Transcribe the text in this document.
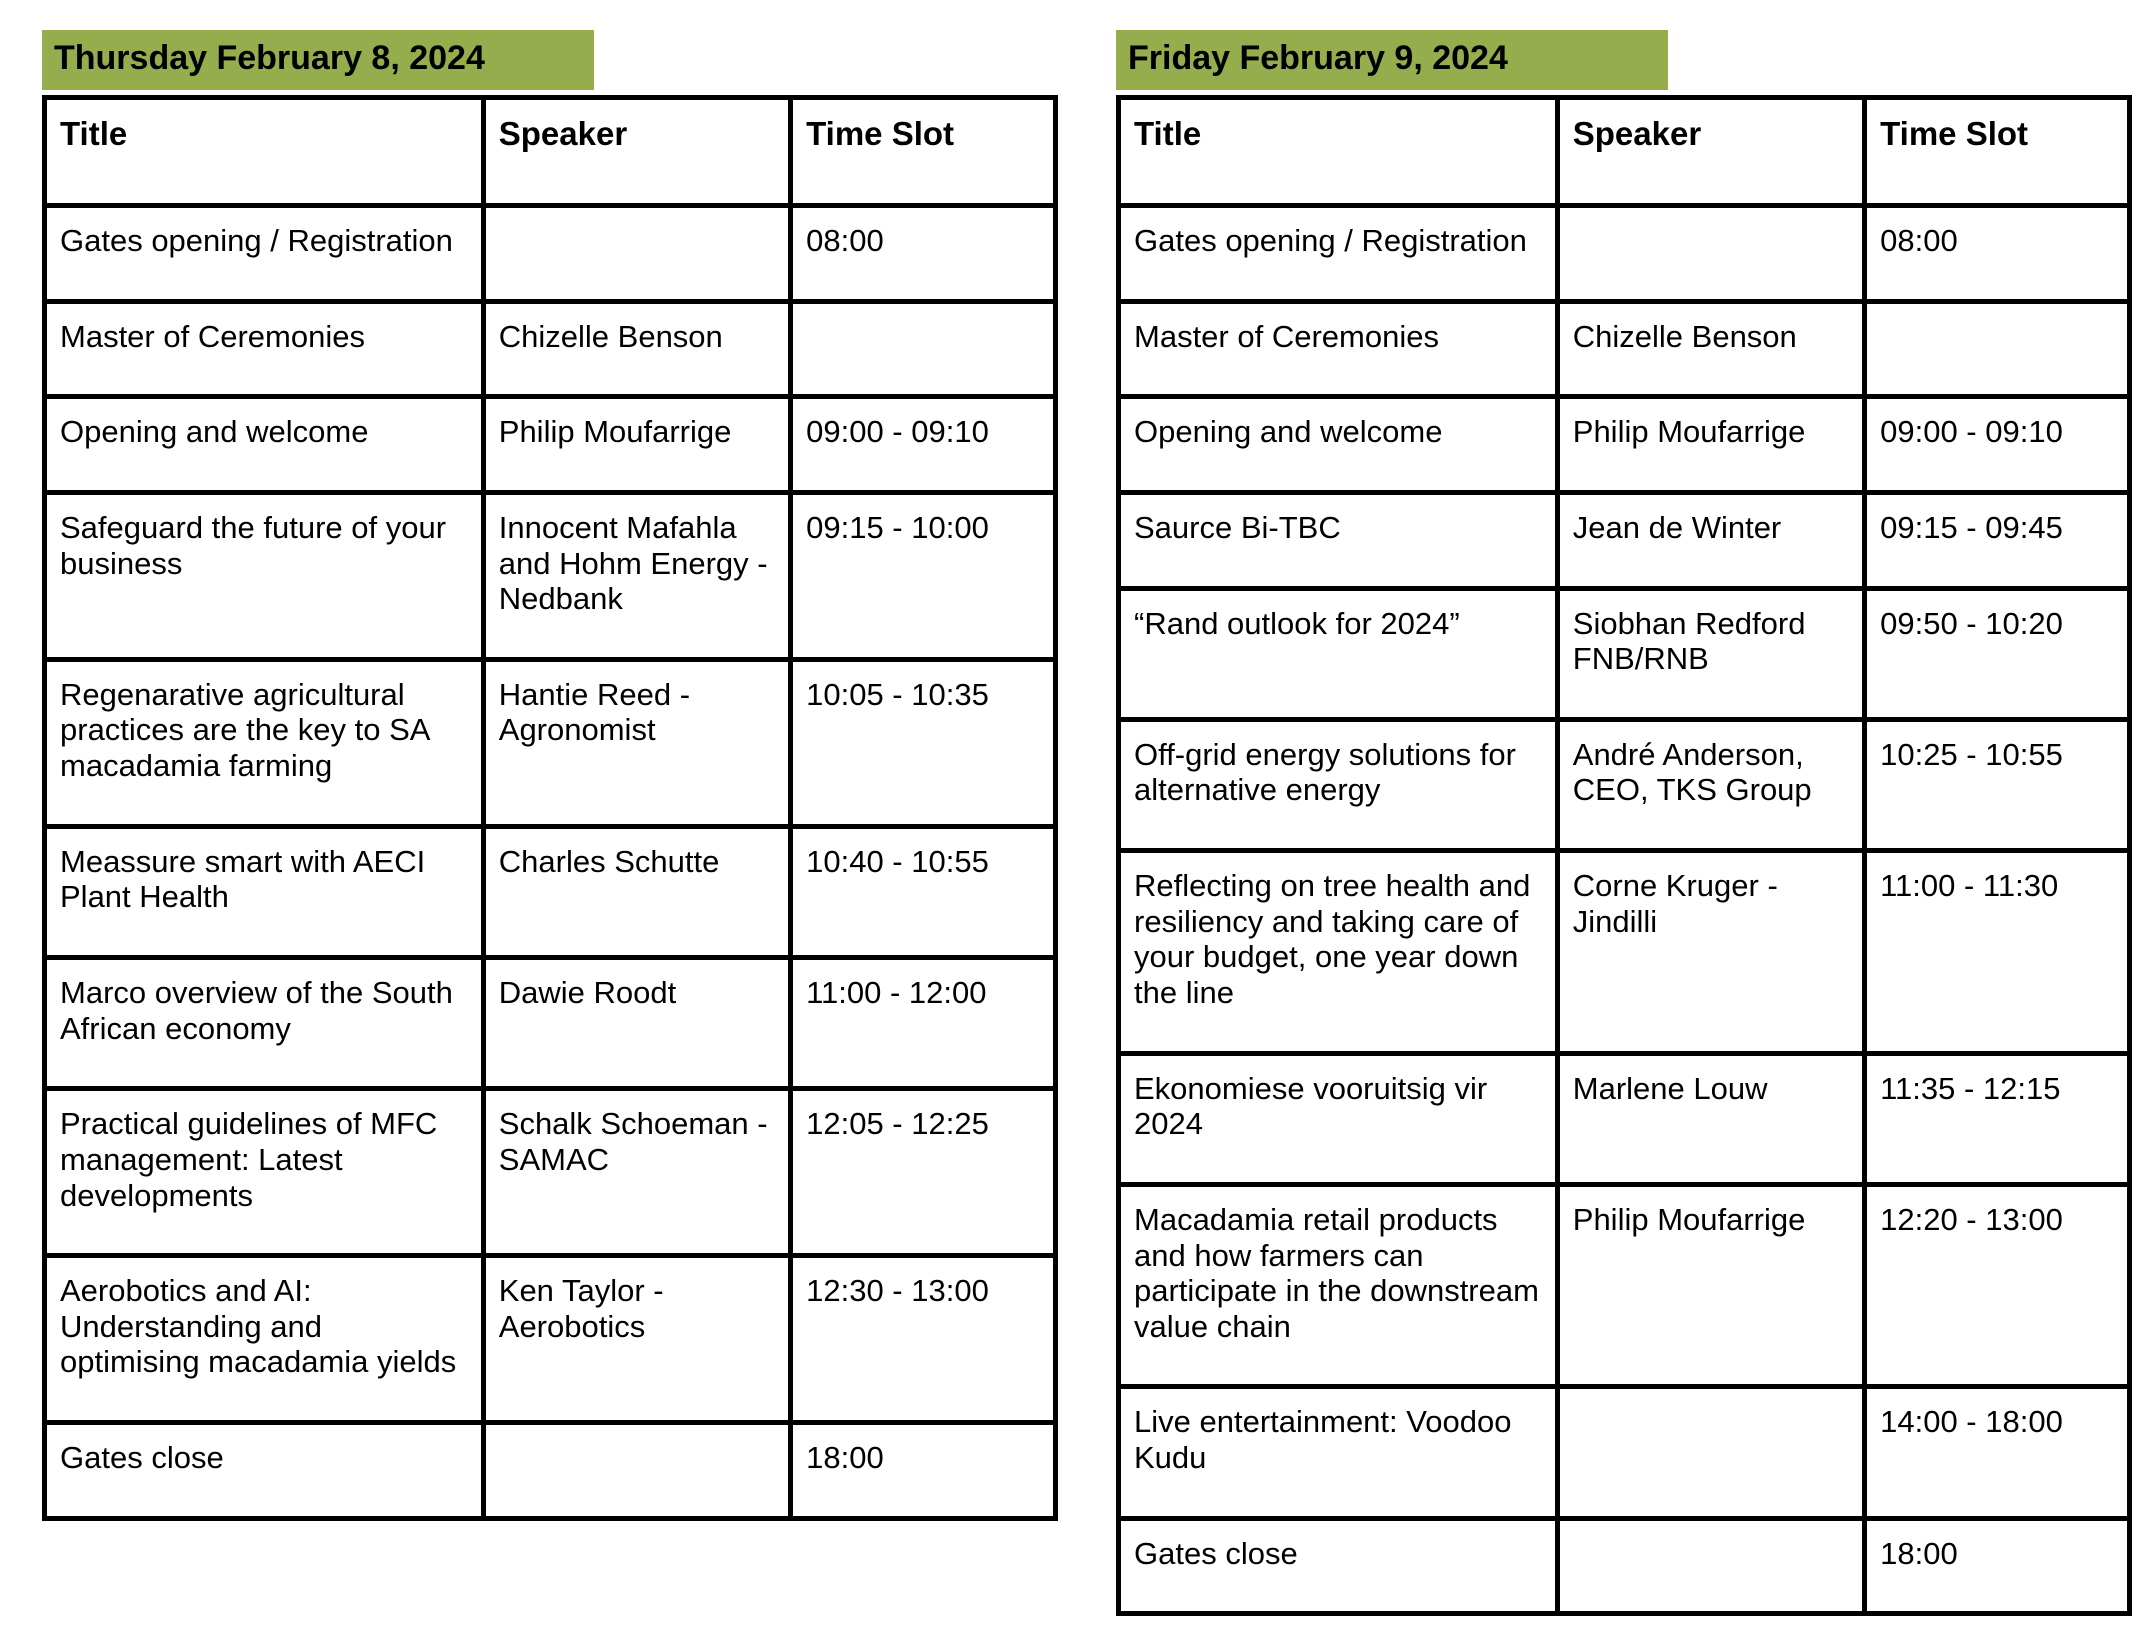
Thursday February 8, 2024
Title	Speaker	Time Slot
Gates opening / Registration		08:00
Master of Ceremonies	Chizelle Benson	
Opening and welcome	Philip Moufarrige	09:00 - 09:10
Safeguard the future of your business	Innocent Mafahla and Hohm Energy - Nedbank	09:15 - 10:00
Regenarative agricultural practices are the key to SA macadamia farming	Hantie Reed - Agronomist	10:05 - 10:35
Meassure smart with AECI Plant Health	Charles Schutte	10:40 - 10:55
Marco overview of the South African economy	Dawie Roodt	11:00 - 12:00
Practical guidelines of MFC management: Latest developments	Schalk Schoeman - SAMAC	12:05 - 12:25
Aerobotics and AI: Understanding and optimising macadamia yields	Ken Taylor - Aerobotics	12:30 - 13:00
Gates close		18:00
Friday February 9, 2024
Title	Speaker	Time Slot
Gates opening / Registration		08:00
Master of Ceremonies	Chizelle Benson	
Opening and welcome	Philip Moufarrige	09:00 - 09:10
Saurce Bi-TBC	Jean de Winter	09:15 - 09:45
“Rand outlook for 2024”	Siobhan Redford FNB/RNB	09:50 - 10:20
Off-grid energy solutions for alternative energy	André Anderson, CEO, TKS Group	10:25 - 10:55
Reflecting on tree health and resiliency and taking care of your budget, one year down the line	Corne Kruger - Jindilli	11:00 - 11:30
Ekonomiese vooruitsig vir 2024	Marlene Louw	11:35 - 12:15
Macadamia retail products and how farmers can participate in the downstream value chain	Philip Moufarrige	12:20 - 13:00
Live entertainment: Voodoo Kudu		14:00 - 18:00
Gates close		18:00
